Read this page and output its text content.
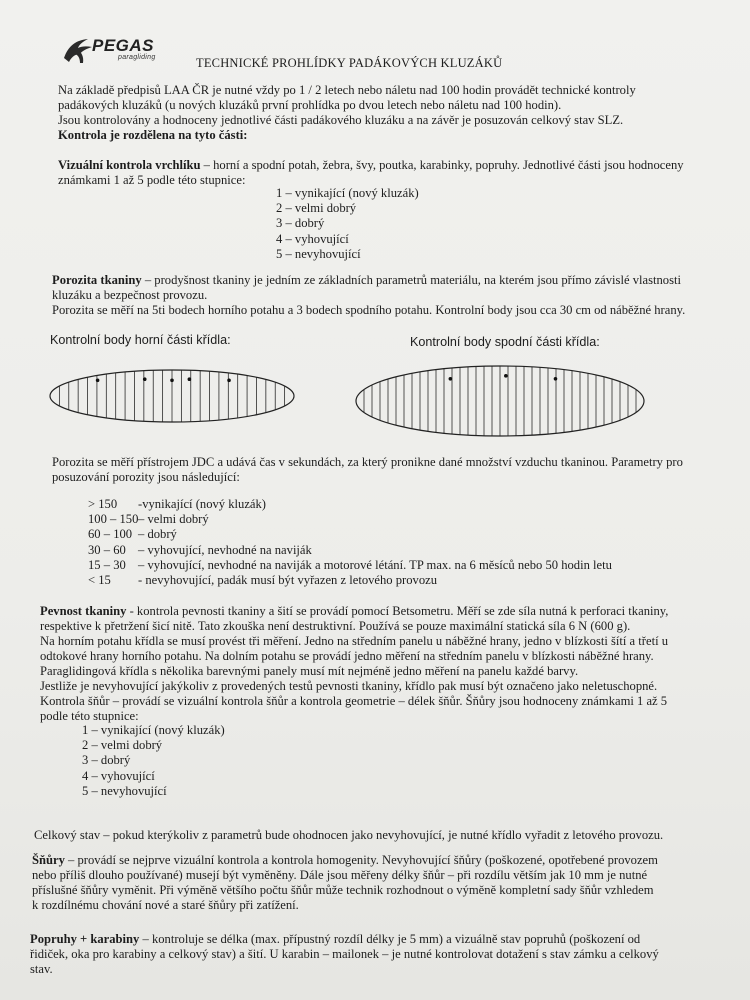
PEGAS
paragliding	TECHNICKÉ PROHLÍDKY PADÁKOVÝCH KLUZÁKŮ

Na základě předpisů LAA ČR je nutné vždy po 1 / 2 letech nebo náletu nad 100 hodin provádět technické kontroly

padákových kluzáků (u nových kluzáků první prohlídka po dvou letech nebo náletu nad 100 hodin).

Jsou kontrolovány a hodnoceny jednotlivé části padákového kluzáku a na závěr je posuzován celkový stav SLZ.

Kontrola je rozdělena na tyto části:

Vizuální kontrola vrchlíku – horní a spodní potah, žebra, švy, poutka, karabinky, popruhy. Jednotlivé části jsou hodnoceny

známkami 1 až 5 podle této stupnice:

1 – vynikající (nový kluzák)
2 – velmi dobrý
3 – dobrý
4 – vyhovující
5 – nevyhovující

Porozita tkaniny – prodyšnost tkaniny je jedním ze základních parametrů materiálu, na kterém jsou přímo závislé vlastnosti

kluzáku a bezpečnost provozu.

Porozita se měří na 5ti bodech horního potahu a 3 bodech spodního potahu. Kontrolní body jsou cca 30 cm od náběžné hrany.

Kontrolní body horní části křídla:	Kontrolní body spodní části křídla:

Porozita se měří přístrojem JDC a udává čas v sekundách, za který pronikne dané množství vzduchu tkaninou. Parametry pro

posuzování porozity jsou následující:

> 150	-vynikající (nový kluzák)
100 – 150 – velmi dobrý
60 – 100 – dobrý
30 – 60 – vyhovující, nevhodné na naviják
15 – 30 – vyhovující, nevhodné na naviják a motorové létání. TP max. na 6 měsíců nebo 50 hodin letu
< 15	- nevyhovující, padák musí být vyřazen z letového provozu

Pevnost tkaniny - kontrola pevnosti tkaniny a šití se provádí pomocí Betsometru. Měří se zde síla nutná k perforaci tkaniny,

respektive k přetržení šicí nitě. Tato zkouška není destruktivní. Používá se pouze maximální statická síla 6 N (600 g).

Na horním potahu křídla se musí provést tři měření. Jedno na středním panelu u náběžné hrany, jedno v blízkosti šítí a třetí u

odtokové hrany horního potahu. Na dolním potahu se provádí jedno měření na středním panelu v blízkosti náběžné hrany.

Paraglidingová křídla s několika barevnými panely musí mít nejméně jedno měření na panelu každé barvy.

Jestliže je nevyhovující jakýkoliv z provedených testů pevnosti tkaniny, křídlo pak musí být označeno jako neletuschopné.

Kontrola šňůr – provádí se vizuální kontrola šňůr a kontrola geometrie – délek šňůr. Šňůry jsou hodnoceny známkami 1 až 5

podle této stupnice:

1 – vynikající (nový kluzák)
2 – velmi dobrý
3 – dobrý
4 – vyhovující
5 – nevyhovující
Celkový stav – pokud kterýkoliv z parametrů bude ohodnocen jako nevyhovující, je nutné křídlo vyřadit z letového provozu.

Šňůry – provádí se nejprve vizuální kontrola a kontrola homogenity. Nevyhovující šňůry (poškozené, opotřebené provozem

nebo příliš dlouho používané) musejí být vyměněny. Dále jsou měřeny délky šňůr – při rozdílu větším jak 10 mm je nutné

příslušné šňůry vyměnit. Při výměně většího počtu šňůr může technik rozhodnout o výměně kompletní sady šňůr vzhledem

k rozdílnému chování nové a staré šňůry při zatížení.

Popruhy + karabiny – kontroluje se délka (max. přípustný rozdíl délky je 5 mm) a vizuálně stav popruhů (poškození od

řidiček, oka pro karabiny a celkový stav) a šití. U karabin – mailonek – je nutné kontrolovat dotažení s stav zámku a celkový

stav.
